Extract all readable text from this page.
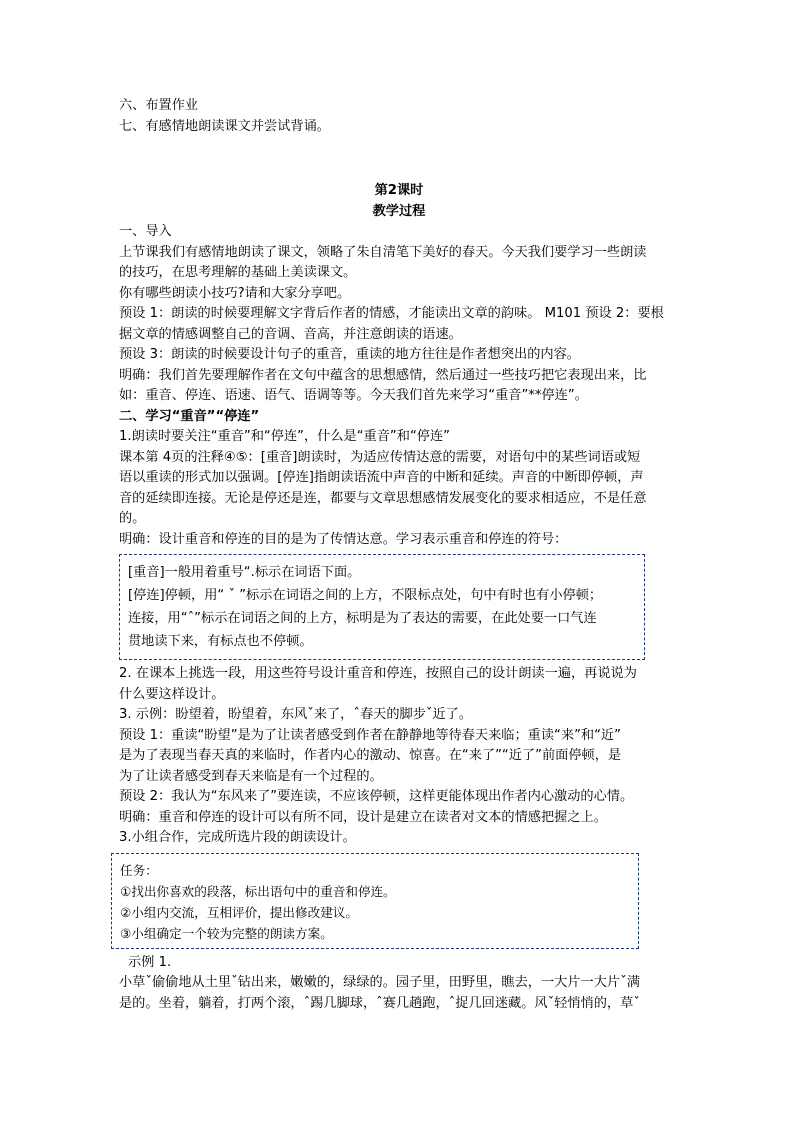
六、布置作业
七、有感情地朗读课文并尝试背诵。
第2课时
教学过程
一、导入
上节课我们有感情地朗读了课文，领略了朱自清笔下美好的春天。今天我们要学习一些朗读
的技巧，在思考理解的基础上美读课文。
你有哪些朗读小技巧?请和大家分享吧。
预设 1：朗读的时候要理解文字背后作者的情感，才能读出文章的韵味。 M101 预设 2：要根
据文章的情感调整自己的音调、音高，并注意朗读的语速。
预设 3：朗读的时候要设计句子的重音，重读的地方往往是作者想突出的内容。
明确：我们首先要理解作者在文句中蕴含的思想感情，然后通过一些技巧把它表现出来，比
如：重音、停连、语速、语气、语调等等。今天我们首先来学习“重音”**停连”。
二、学习“重音”“停连”
1.朗读时要关注“重音”和“停连”，什么是“重音”和“停连”
课本第 4页的注释④⑤：[重音]朗读时，为适应传情达意的需要，对语句中的某些词语或短
语以重读的形式加以强调。[停连]指朗读语流中声音的中断和延续。声音的中断即停顿，声
音的延续即连接。无论是停还是连，都要与文章思想感情发展变化的要求相适应，不是任意
的。
明确：设计重音和停连的目的是为了传情达意。学习表示重音和停连的符号：
[重音]一般用着重号“.标示在词语下面。
[停连]停顿，用“ ˇ ”标示在词语之间的上方，不限标点处，句中有时也有小停顿；
连接，用“ˆ”标示在词语之间的上方，标明是为了表达的需要，在此处要一口气连
贯地读下来，有标点也不停顿。
2. 在课本上挑选一段，用这些符号设计重音和停连，按照自己的设计朗读一遍，再说说为
什么要这样设计。
3. 示例：盼望着，盼望着，东风ˇ来了，ˆ春天的脚步ˇ近了。
预设 1：重读“盼望”是为了让读者感受到作者在静静地等待春天来临；重读“来”和“近”
是为了表现当春天真的来临时，作者内心的激动、惊喜。在“来了”“近了”前面停顿，是
为了让读者感受到春天来临是有一个过程的。
预设 2：我认为“东风来了”要连读，不应该停顿，这样更能体现出作者内心激动的心情。
明确：重音和停连的设计可以有所不同，设计是建立在读者对文本的情感把握之上。
3.小组合作，完成所选片段的朗读设计。
任务：
①找出你喜欢的段落，标出语句中的重音和停连。
②小组内交流，互相评价，提出修改建议。
③小组确定一个较为完整的朗读方案。
示例 1.
小草ˇ偷偷地从土里ˇ钻出来，嫩嫩的，绿绿的。园子里，田野里，瞧去，一大片一大片ˇ满
是的。坐着，躺着，打两个滚，ˆ踢几脚球，ˆ赛几趟跑，ˆ捉几回迷藏。风ˇ轻悄悄的，草ˇ
